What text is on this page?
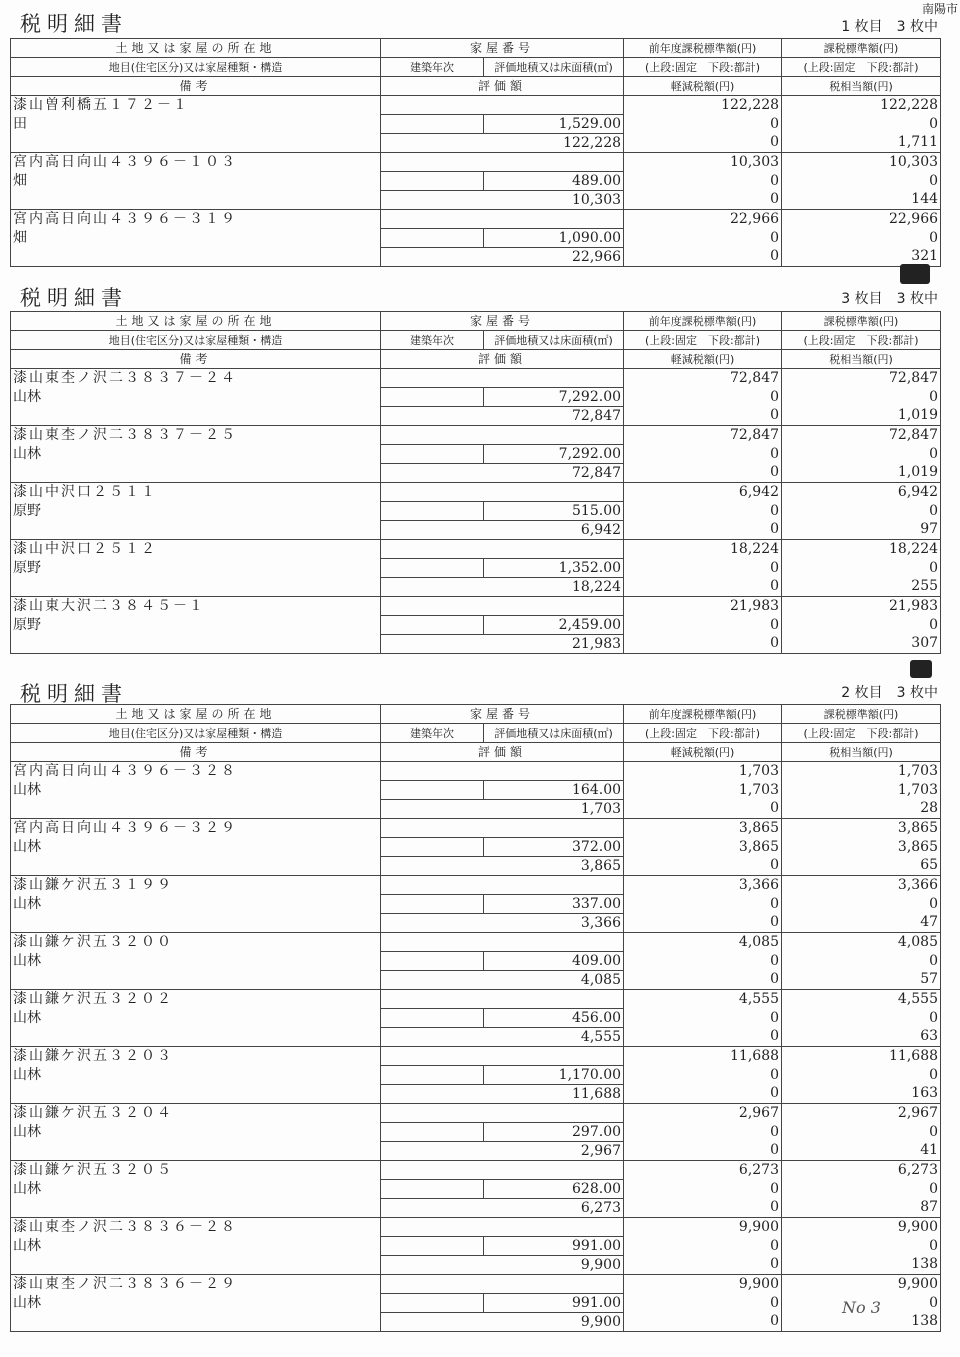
南陽市
税明細書	1 枚目　3 枚中
土地又は家屋の所在地	家屋番号		前年度課税標準額(円)	課税標準額(円)
地目(住宅区分)又は家屋種類・構造	建築年次	評価地積又は床面積(㎡)	(上段:固定　下段:都計)	(上段:固定　下段:都計)
備考	評価額		軽減税額(円)	税相当額(円)
漆山曽利橋五１７２－１			122,228	122,228
田		1,529.00	0	0
	122,228		0	1,711
宮内高日向山４３９６－１０３			10,303	10,303
畑		489.00	0	0
	10,303		0	144
宮内高日向山４３９６－３１９			22,966	22,966
畑		1,090.00	0	0
	22,966		0	321
税明細書	3 枚目　3 枚中
土地又は家屋の所在地	家屋番号		前年度課税標準額(円)	課税標準額(円)
地目(住宅区分)又は家屋種類・構造	建築年次	評価地積又は床面積(㎡)	(上段:固定　下段:都計)	(上段:固定　下段:都計)
備考	評価額		軽減税額(円)	税相当額(円)
漆山東杢ノ沢二３８３７－２４			72,847	72,847
山林		7,292.00	0	0
	72,847		0	1,019
漆山東杢ノ沢二３８３７－２５			72,847	72,847
山林		7,292.00	0	0
	72,847		0	1,019
漆山中沢口２５１１			6,942	6,942
原野		515.00	0	0
	6,942		0	97
漆山中沢口２５１２			18,224	18,224
原野		1,352.00	0	0
	18,224		0	255
漆山東大沢二３８４５－１			21,983	21,983
原野		2,459.00	0	0
	21,983		0	307
税明細書	2 枚目　3 枚中
土地又は家屋の所在地	家屋番号		前年度課税標準額(円)	課税標準額(円)
地目(住宅区分)又は家屋種類・構造	建築年次	評価地積又は床面積(㎡)	(上段:固定　下段:都計)	(上段:固定　下段:都計)
備考	評価額		軽減税額(円)	税相当額(円)
宮内高日向山４３９６－３２８			1,703	1,703
山林		164.00	1,703	1,703
	1,703		0	28
宮内高日向山４３９６－３２９			3,865	3,865
山林		372.00	3,865	3,865
	3,865		0	65
漆山鎌ケ沢五３１９９			3,366	3,366
山林		337.00	0	0
	3,366		0	47
漆山鎌ケ沢五３２００			4,085	4,085
山林		409.00	0	0
	4,085		0	57
漆山鎌ケ沢五３２０２			4,555	4,555
山林		456.00	0	0
	4,555		0	63
漆山鎌ケ沢五３２０３			11,688	11,688
山林		1,170.00	0	0
	11,688		0	163
漆山鎌ケ沢五３２０４			2,967	2,967
山林		297.00	0	0
	2,967		0	41
漆山鎌ケ沢五３２０５			6,273	6,273
山林		628.00	0	0
	6,273		0	87
漆山東杢ノ沢二３８３６－２８			9,900	9,900
山林		991.00	0	0
	9,900		0	138
漆山東杢ノ沢二３８３６－２９			9,900	9,900
山林		991.00	0	0
	9,900		0	138
No 3
